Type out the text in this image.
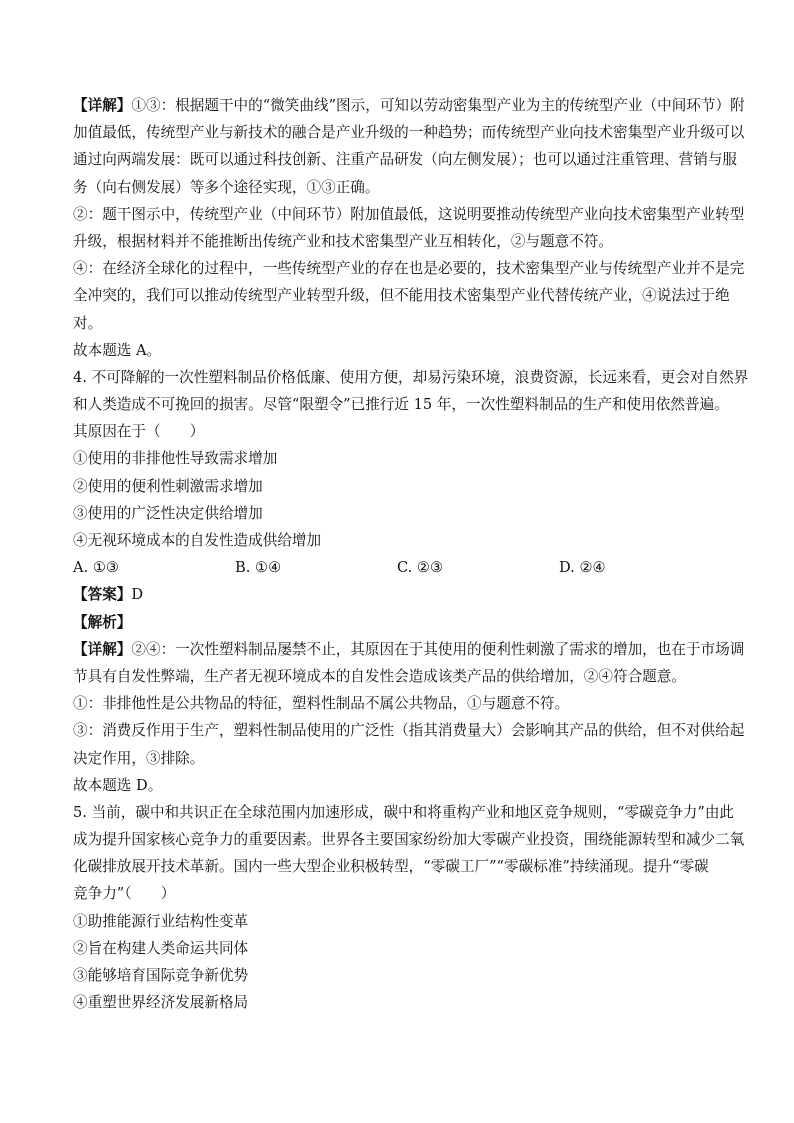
【详解】①③：根据题干中的“微笑曲线”图示，可知以劳动密集型产业为主的传统型产业（中间环节）附
加值最低，传统型产业与新技术的融合是产业升级的一种趋势；而传统型产业向技术密集型产业升级可以
通过向两端发展：既可以通过科技创新、注重产品研发（向左侧发展）；也可以通过注重管理、营销与服
务（向右侧发展）等多个途径实现，①③正确。
②：题干图示中，传统型产业（中间环节）附加值最低，这说明要推动传统型产业向技术密集型产业转型
升级，根据材料并不能推断出传统产业和技术密集型产业互相转化，②与题意不符。
④：在经济全球化的过程中，一些传统型产业的存在也是必要的，技术密集型产业与传统型产业并不是完
全冲突的，我们可以推动传统型产业转型升级，但不能用技术密集型产业代替传统产业，④说法过于绝
对。
故本题选 A。
4. 不可降解的一次性塑料制品价格低廉、使用方便，却易污染环境，浪费资源，长远来看，更会对自然界
和人类造成不可挽回的损害。尽管“限塑令”已推行近 15 年，一次性塑料制品的生产和使用依然普遍。
其原因在于（　　）
①使用的非排他性导致需求增加
②使用的便利性刺激需求增加
③使用的广泛性决定供给增加
④无视环境成本的自发性造成供给增加
A. ①③	B. ①④	C. ②③	D. ②④
【答案】D
【解析】
【详解】②④：一次性塑料制品屡禁不止，其原因在于其使用的便利性刺激了需求的增加，也在于市场调
节具有自发性弊端，生产者无视环境成本的自发性会造成该类产品的供给增加，②④符合题意。
①：非排他性是公共物品的特征，塑料性制品不属公共物品，①与题意不符。
③：消费反作用于生产，塑料性制品使用的广泛性（指其消费量大）会影响其产品的供给，但不对供给起
决定作用，③排除。
故本题选 D。
5. 当前，碳中和共识正在全球范围内加速形成，碳中和将重构产业和地区竞争规则，“零碳竞争力”由此
成为提升国家核心竞争力的重要因素。世界各主要国家纷纷加大零碳产业投资，围绕能源转型和减少二氧
化碳排放展开技术革新。国内一些大型企业积极转型，“零碳工厂”“零碳标准”持续涌现。提升“零碳
竞争力”（　　）
①助推能源行业结构性变革
②旨在构建人类命运共同体
③能够培育国际竞争新优势
④重塑世界经济发展新格局
